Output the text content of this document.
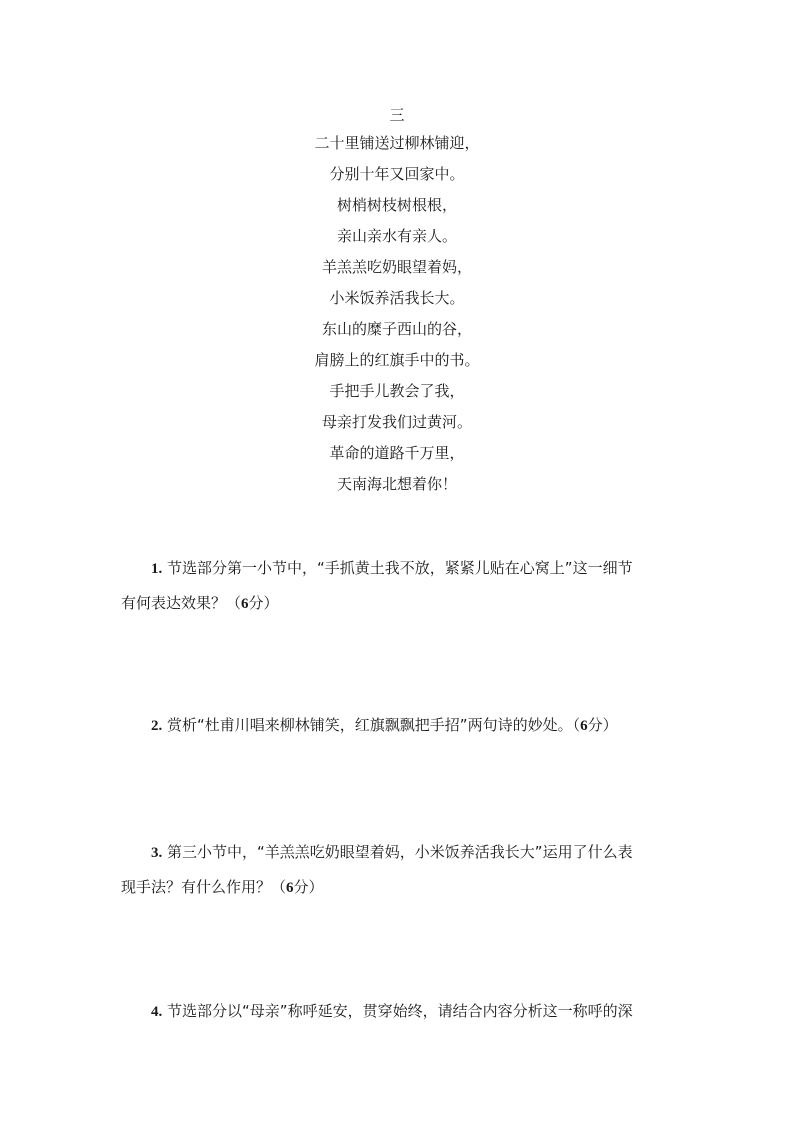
三
二十里铺送过柳林铺迎，
分别十年又回家中。
树梢树枝树根根，
亲山亲水有亲人。
羊羔羔吃奶眼望着妈，
小米饭养活我长大。
东山的糜子西山的谷，
肩膀上的红旗手中的书。
手把手儿教会了我，
母亲打发我们过黄河。
革命的道路千万里，
天南海北想着你！
1. 节选部分第一小节中，“手抓黄土我不放，紧紧儿贴在心窝上”这一细节
有何表达效果？（6分）
2. 赏析“杜甫川唱来柳林铺笑，红旗飘飘把手招”两句诗的妙处。（6分）
3. 第三小节中，“羊羔羔吃奶眼望着妈，小米饭养活我长大”运用了什么表
现手法？有什么作用？（6分）
4. 节选部分以“母亲”称呼延安，贯穿始终，请结合内容分析这一称呼的深
